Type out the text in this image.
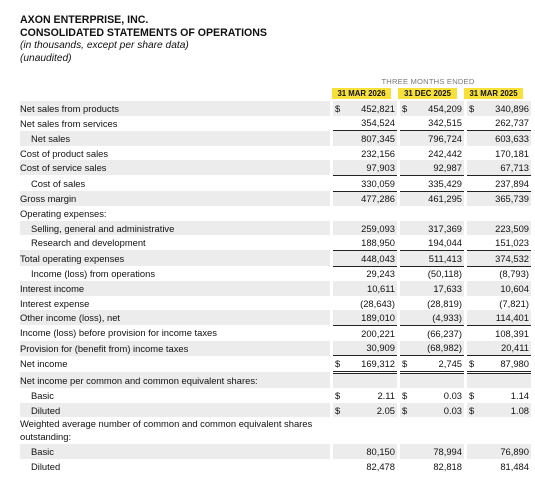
AXON ENTERPRISE, INC.
CONSOLIDATED STATEMENTS OF OPERATIONS
(in thousands, except per share data)
(unaudited)
THREE MONTHS ENDED
31 MAR 2026	31 DEC 2025	31 MAR 2025
Net sales from products		$ 452,821		$ 454,209		$ 340,896
Net sales from services		354,524		342,515		262,737
Net sales		807,345		796,724		603,633
Cost of product sales		232,156		242,442		170,181
Cost of service sales		97,903		92,987		67,713
Cost of sales		330,059		335,429		237,894
Gross margin		477,286		461,295		365,739
Operating expenses:						
Selling, general and administrative		259,093		317,369		223,509
Research and development		188,950		194,044		151,023
Total operating expenses		448,043		511,413		374,532
Income (loss) from operations		29,243		(50,118)		(8,793)
Interest income		10,611		17,633		10,604
Interest expense		(28,643)		(28,819)		(7,821)
Other income (loss), net		189,010		(4,933)		114,401
Income (loss) before provision for income taxes		200,221		(66,237)		108,391
Provision for (benefit from) income taxes		30,909		(68,982)		20,411
Net income		$ 169,312		$ 2,745		$ 87,980
Net income per common and common equivalent shares:						
Basic		$ 2.11		$ 0.03		$ 1.14
Diluted		$ 2.05		$ 0.03		$ 1.08
Weighted average number of common and common equivalent shares outstanding:						
Basic		80,150		78,994		76,890
Diluted		82,478		82,818		81,484
